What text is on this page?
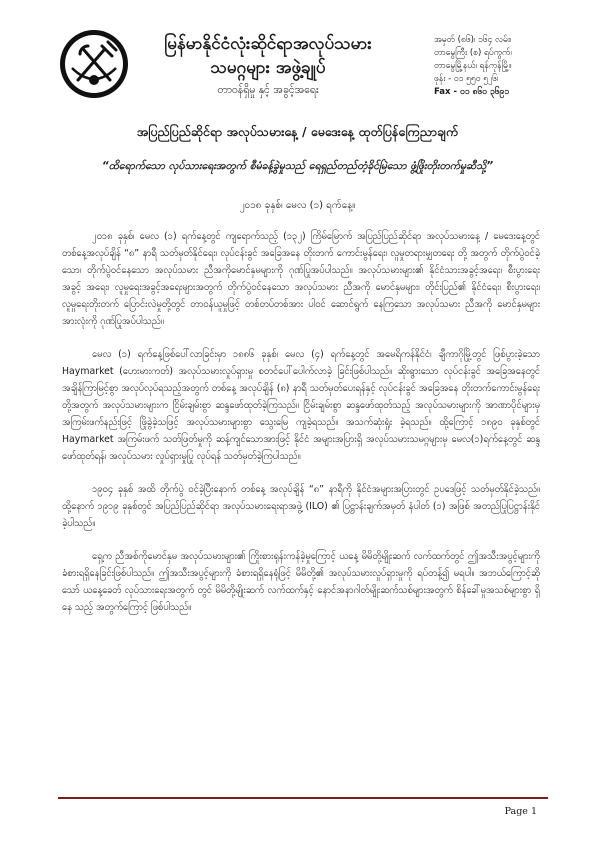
မြန်မာနိုင်ငံလုံးဆိုင်ရာအလုပ်သမား
သမဂ္ဂများ အဖွဲ့ချုပ်
တာဝန်ရှိမှု နှင့် အခွင့်အရေး
အမှတ် (၈၆)၊ ၁၆၄ လမ်း၊
တာမွေကြီး (စ) ရပ်ကွက်၊
တာမွေမြို့နယ်၊ ရန်ကုန်မြို့။
ဖုန်း - ၀၁ ၅၅၀ ၅၂၆၊
Fax - ၀၁ ၈၆၀ ၃၆၉၁
အပြည်ပြည်ဆိုင်ရာ အလုပ်သမားနေ့ / မေဒေးနေ့ ထုတ်ပြန်ကြေညာချက်
“ထိရောက်သော လုပ်သားရေးအတွက် စီမံခန့်ခွဲမှုသည် ရေရှည်တည်တံ့ခိုင်မြဲသော ဖွံ့ဖြိုးတိုးတက်မှုဆီသို့”
၂၀၁၈ ခုနှစ်၊ မေလ (၁) ရက်နေ့။

၂၀၁၈ ခုနှစ်၊ မေလ (၁) ရက်နေ့တွင် ကျရောက်သည့် (၁၃၂) ကြိမ်မြောက် အပြည်ပြည်ဆိုင်ရာ အလုပ်သမားနေ့ / မေဒေးနေ့တွင် တစ်နေ့အလုပ်ချိန် “၈” နာရီ သတ်မှတ်နိုင်ရေး၊ လုပ်ငန်းခွင် အခြေအနေ တိုးတက် ကောင်းမွန်ရေး၊ လူမှုတရားမျှတရေး တို့ အတွက် တိုက်ပွဲဝင်ခဲ့သော၊ တိုက်ပွဲဝင်နေသော အလုပ်သမား ညီအကိုမောင်နှမများကို ဂုဏ်ပြုအပ်ပါသည်။ အလုပ်သမားများ၏ နိုင်ငံသားအခွင့်အရေး၊ စီးပွားရေး အခွင့် အရေး၊ လူမှုရေးအခွင့်အရေးများအတွက် တိုက်ပွဲဝင်နေသော အလုပ်သမား ညီအကို မောင်နှမများ၊ တိုင်းပြည်၏ နိုင်ငံရေး၊ စီးပွားရေး၊ လူမှုရေးတိုးတက် ပြောင်းလဲမှုတို့တွင် တာဝန်ယူမှုဖြင့် တစ်တပ်တစ်အား ပါဝင် ဆောင်ရွက် နေကြသော အလုပ်သမား ညီအကို မောင်နှမများအားလုံးကို ဂုဏ်ပြုအပ်ပါသည်။

မေလ (၁) ရက်နေ့ဖြစ်ပေါ်လာခြင်းမှာ ၁၈၈၆ ခုနှစ်၊ မေလ (၄) ရက်နေ့တွင် အမေရိကန်နိုင်ငံ၊ ချီကာဂိုမြို့တွင် ဖြစ်ပွားခဲ့သော Haymarket (ဟေးမားကတ်) အလုပ်သမားလှုပ်ရှားမှု စတင်ပေါ်ပေါက်လာခဲ့ ခြင်းဖြစ်ပါသည်။ ဆိုးရွားသော လုပ်ငန်းခွင် အခြေအနေတွင် အချိန်ကြာမြင့်စွာ အလုပ်လုပ်ရသည့်အတွက် တစ်နေ့ အလုပ်ချိန် (၈) နာရီ သတ်မှတ်ပေးရန်နှင့် လုပ်ငန်းခွင် အခြေအနေ တိုးတက်ကောင်းမွန်ရေးတို့အတွက် အလုပ်သမားများက ငြိမ်းချမ်းစွာ ဆန္ဒဖော်ထုတ်ခဲ့ကြသည်။ ငြိမ်းချမ်းစွာ ဆန္ဒဖော်ထုတ်သည့် အလုပ်သမားများကို အာဏာပိုင်များမှ အကြမ်းဖက်နည်းဖြင့် ဖြိုခွဲခဲ့သဖြင့် အလုပ်သမားများစွာ သွေးမြေ ကျခဲ့ရသည်။ အသက်ဆုံးရှုံး ခဲ့ရသည်။ ထို့ကြောင့် ၁၈၉၀ ခုနှစ်တွင် Haymarket အကြမ်းဖက် သတ်ဖြတ်မှုကို ဆန့်ကျင်သောအားဖြင့် နိုင်ငံ အများအပြားရှိ အလုပ်သမားသမဂ္ဂများမှ မေလ(၁)ရက်နေ့တွင် ဆန္ဒဖော်ထုတ်ရန်၊ အလုပ်သမား လှုပ်ရှားမှုပြု လုပ်ရန် သတ်မှတ်ခဲ့ကြပါသည်။

၁၉၀၄ ခုနှစ် အထိ တိုက်ပွဲ ဝင်ခဲ့ပြီးနောက် တစ်နေ့ အလုပ်ချိန် “၈” နာရီကို နိုင်ငံအများအပြားတွင် ဥပဒေဖြင့် သတ်မှတ်နိုင်ခဲ့သည်။ ထို့နောက် ၁၉၁၉ ခုနှစ်တွင် အပြည်ပြည်ဆိုင်ရာ အလုပ်သမားရေးရာအဖွဲ့ (ILO) ၏ ပြဋ္ဌာန်းချက်အမှတ် နံပါတ် (၁) အဖြစ် အတည်ပြုပြဋ္ဌာန်းနိုင်ခဲ့ပါသည်။

ရှေ့က ညီအစ်ကိုမောင်နှမ အလုပ်သမားများ၏ ကြိုးစားရုန်းကန်ခဲ့မှုကြောင့် ယနေ့ မိမိတို့မျိုးဆက် လက်ထက်တွင် ဤအသီးအပွင့်များကို ခံစားရရှိနေခြင်းဖြစ်ပါသည်။ ဤအသီးအပွင့်များကို ခံစားရရှိနေရုံဖြင့် မိမိတို့၏ အလုပ်သမားလှုပ်ရှားမှုကို ရပ်တန့်၍ မရပါ။ အဘယ်ကြောင့်ဆိုသော် ယနေ့ခေတ် လုပ်သားရေးအတွက် တွင် မိမိတို့မျိုးဆက် လက်ထက်နှင့် နောင်အနာဂါတ်မျိုးဆက်သစ်များအတွက် စိန်ခေါ်မှုအသစ်များစွာ ရှိနေ သည့် အတွက်ကြောင့် ဖြစ်ပါသည်။

Page 1
